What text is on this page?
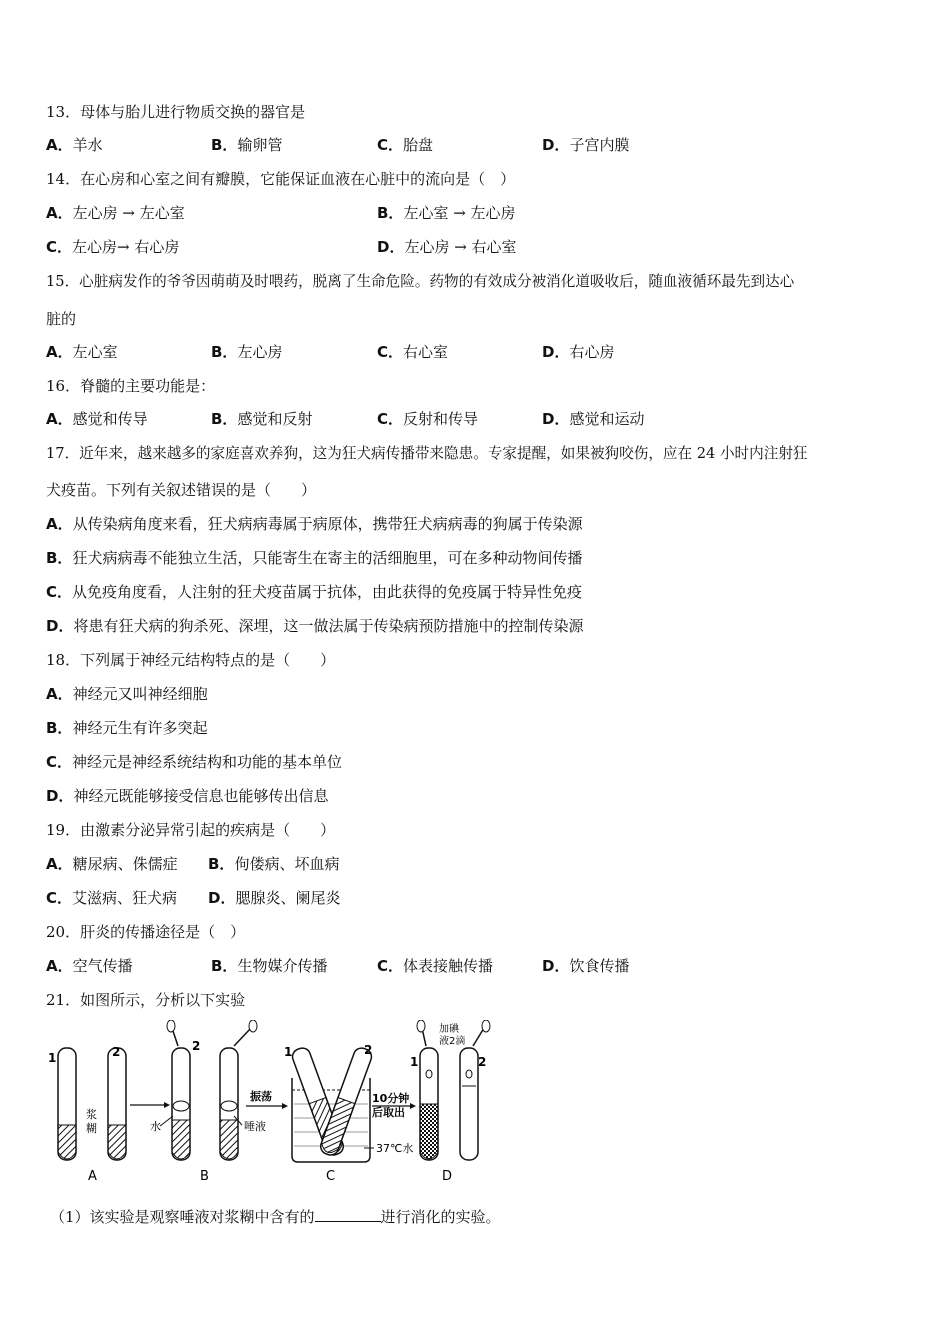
13．母体与胎儿进行物质交换的器官是
A．羊水	B．输卵管	C．胎盘	D．子宫内膜
14．在心房和心室之间有瓣膜，它能保证血液在心脏中的流向是（　）
A．左心房 → 左心室	B．左心室 → 左心房
C．左心房→ 右心房	D．左心房 → 右心室
15．心脏病发作的爷爷因萌萌及时喂药，脱离了生命危险。药物的有效成分被消化道吸收后，随血液循环最先到达心
脏的
A．左心室	B．左心房	C．右心室	D．右心房
16．脊髓的主要功能是：
A．感觉和传导	B．感觉和反射	C．反射和传导	D．感觉和运动
17．近年来，越来越多的家庭喜欢养狗，这为狂犬病传播带来隐患。专家提醒，如果被狗咬伤，应在 24 小时内注射狂
犬疫苗。下列有关叙述错误的是（　　）
A．从传染病角度来看，狂犬病病毒属于病原体，携带狂犬病病毒的狗属于传染源
B．狂犬病病毒不能独立生活，只能寄生在寄主的活细胞里，可在多种动物间传播
C．从免疫角度看，人注射的狂犬疫苗属于抗体，由此获得的免疫属于特异性免疫
D．将患有狂犬病的狗杀死、深埋，这一做法属于传染病预防措施中的控制传染源
18．下列属于神经元结构特点的是（　　）
A．神经元又叫神经细胞
B．神经元生有许多突起
C．神经元是神经系统结构和功能的基本单位
D．神经元既能够接受信息也能够传出信息
19．由激素分泌异常引起的疾病是（　　）
A．糖尿病、侏儒症 B．佝偻病、坏血病
C．艾滋病、狂犬病 D．腮腺炎、阑尾炎
20．肝炎的传播途径是（　）
A．空气传播	B．生物媒介传播	C．体表接触传播	D．饮食传播
21．如图所示，分析以下实验
1	2
浆
糊
A
2
水	唾液
B
振荡
1	2
37℃水
C
10分钟
后取出
加碘
液2滴
1	2
D
（1）该实验是观察唾液对浆糊中含有的	进行消化的实验。
